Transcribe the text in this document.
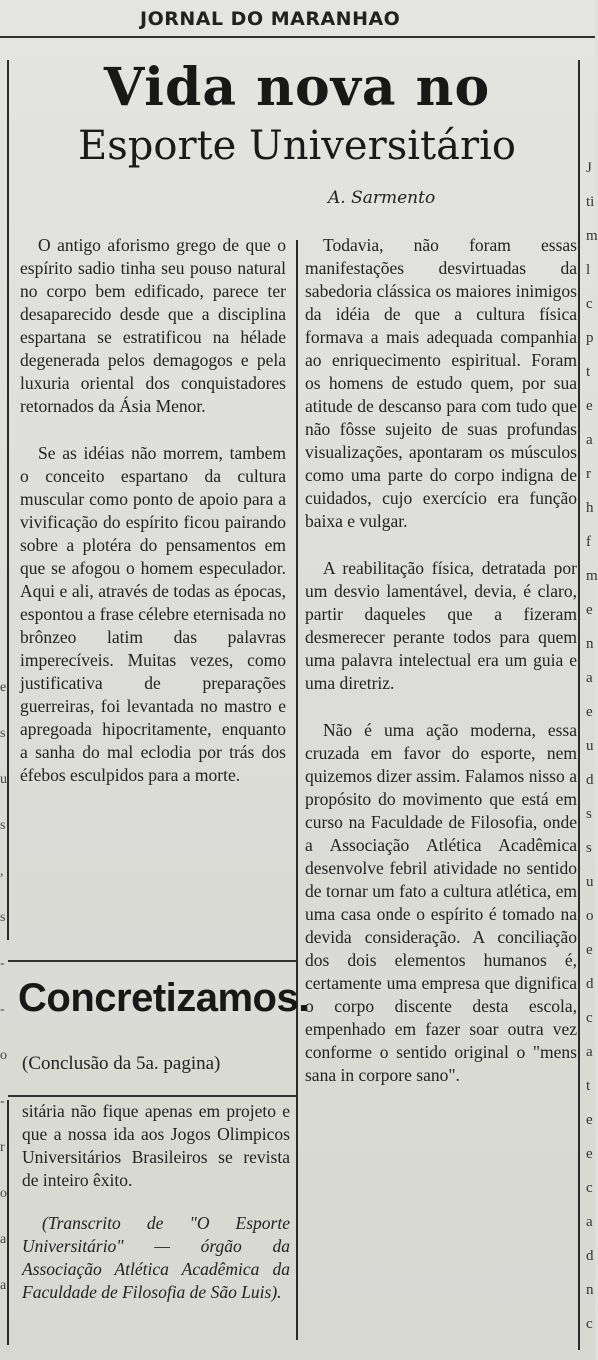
JORNAL DO MARANHAO
Vida nova no
Esporte Universitário
A. Sarmento

O antigo aforismo grego de que o espírito sadio tinha seu pouso natural no corpo bem edificado, parece ter desaparecido desde que a disciplina espartana se estratificou na hélade degenerada pelos demagogos e pela luxuria oriental dos conquistadores retornados da Ásia Menor.

Se as idéias não morrem, tambem o conceito espartano da cultura muscular como ponto de apoio para a vivificação do espírito ficou pairando sobre a plotéra do pensamentos em que se afogou o homem especulador. Aqui e ali, através de todas as épocas, espontou a frase célebre eternisada no brônzeo latim das palavras imperecíveis. Muitas vezes, como justificativa de preparações guerreiras, foi levantada no mastro e apregoada hipocritamente, enquanto a sanha do mal eclodia por trás dos éfebos esculpidos para a morte.

Todavia, não foram essas manifestações desvirtuadas da sabedoria clássica os maiores inimigos da idéia de que a cultura física formava a mais adequada companhia ao enriquecimento espiritual. Foram os homens de estudo quem, por sua atitude de descanso para com tudo que não fôsse sujeito de suas profundas visualizações, apontaram os músculos como uma parte do corpo indigna de cuidados, cujo exercício era função baixa e vulgar.

A reabilitação física, detratada por um desvio lamentável, devia, é claro, partir daqueles que a fizeram desmerecer perante todos para quem uma palavra intelectual era um guia e uma diretriz.

Não é uma ação moderna, essa cruzada em favor do esporte, nem quizemos dizer assim. Falamos nisso a propósito do movimento que está em curso na Faculdade de Filosofia, onde a Associação Atlética Acadêmica desenvolve febril atividade no sentido de tornar um fato a cultura atlética, em uma casa onde o espírito é tomado na devida consideração. A conciliação dos dois elementos humanos é, certamente uma empresa que dignifica o corpo discente desta escola, empenhado em fazer soar outra vez conforme o sentido original o "mens sana in corpore sano".

Concretizamos.
(Conclusão da 5a. pagina)

sitária não fique apenas em projeto e que a nossa ida aos Jogos Olimpicos Universitários Brasileiros se revista de inteiro êxito.

(Transcrito de "O Esporte Universitário" — órgão da Associação Atlética Acadêmica da Faculdade de Filosofia de São Luis).

J
ti
m
l
c
p
t
e
a
r
h
f
m
e
n
a
e
u
d
s
s
u
o
e
d
c
a
t
e
e
c
a
d
n
c
e
s
u
s
,
s
-
-
o
-
r
o
a
a
